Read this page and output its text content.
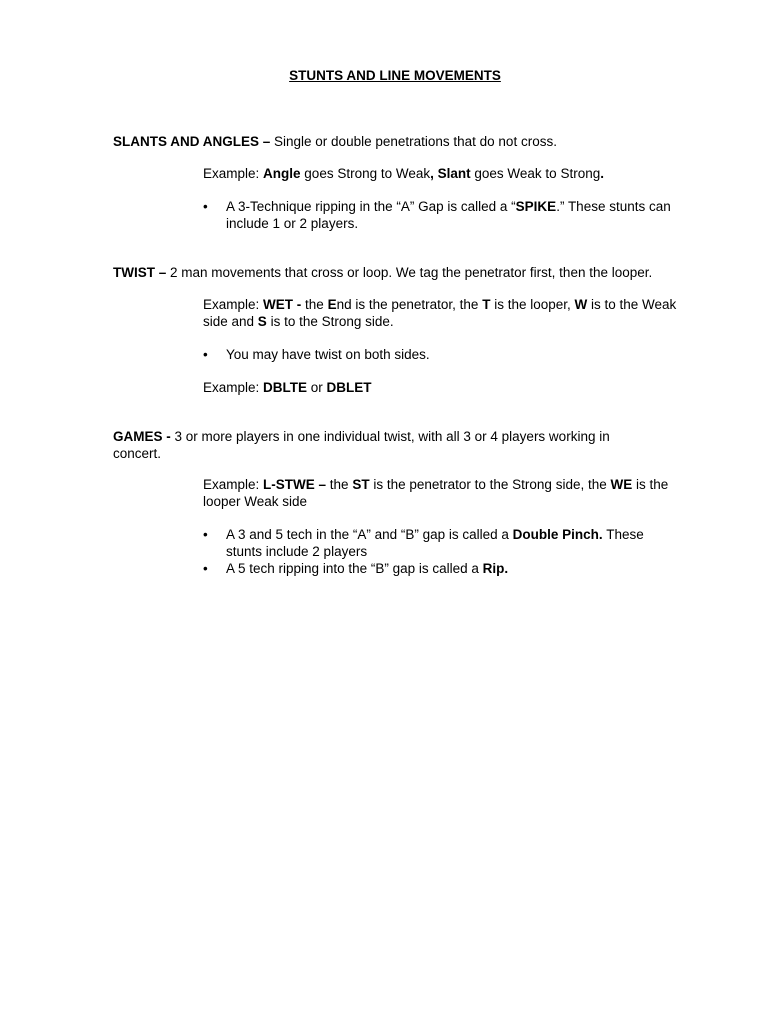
STUNTS AND LINE MOVEMENTS
SLANTS AND ANGLES – Single or double penetrations that do not cross.
Example: Angle goes Strong to Weak, Slant goes Weak to Strong.
• A 3-Technique ripping in the “A” Gap is called a “SPIKE.” These stunts can include 1 or 2 players.
TWIST – 2 man movements that cross or loop. We tag the penetrator first, then the looper.
Example: WET - the End is the penetrator, the T is the looper, W is to the Weak side and S is to the Strong side.
• You may have twist on both sides.
Example: DBLTE or DBLET
GAMES - 3 or more players in one individual twist, with all 3 or 4 players working in concert.
Example: L-STWE – the ST is the penetrator to the Strong side, the WE is the looper Weak side
• A 3 and 5 tech in the “A” and “B” gap is called a Double Pinch. These stunts include 2 players
• A 5 tech ripping into the “B” gap is called a Rip.
